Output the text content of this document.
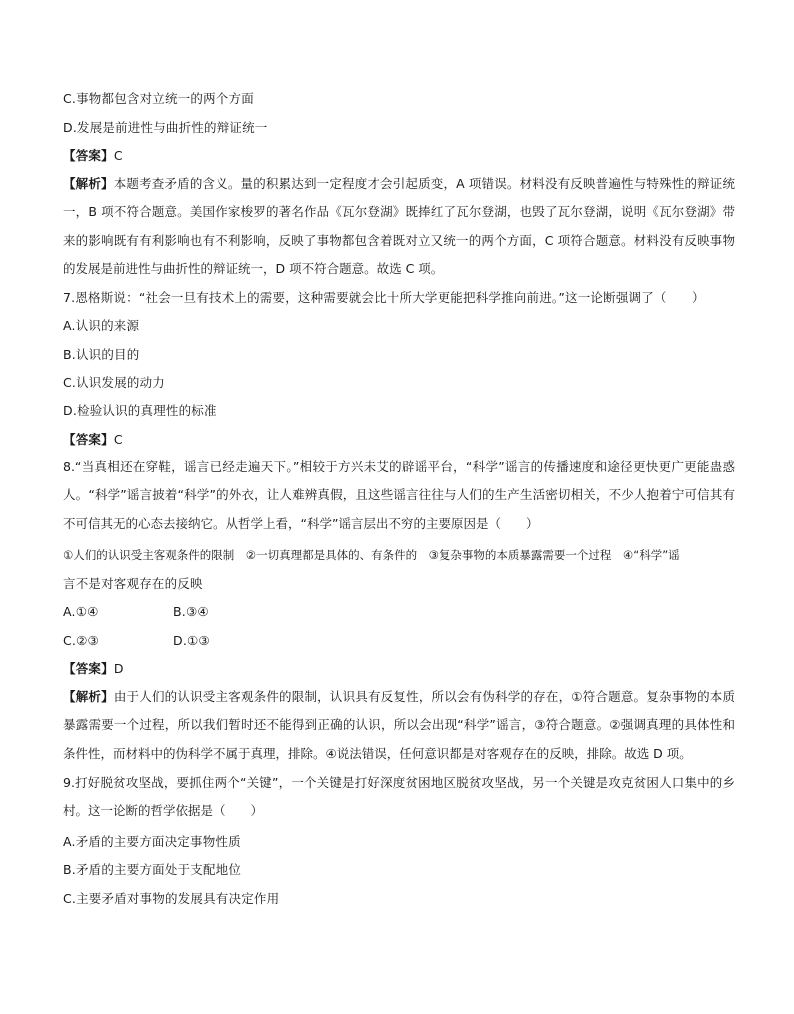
C.事物都包含对立统一的两个方面
D.发展是前进性与曲折性的辩证统一
【答案】C
【解析】本题考查矛盾的含义。量的积累达到一定程度才会引起质变，A 项错误。材料没有反映普遍性与特殊性的辩证统一，B 项不符合题意。美国作家梭罗的著名作品《瓦尔登湖》既捧红了瓦尔登湖，也毁了瓦尔登湖，说明《瓦尔登湖》带来的影响既有有利影响也有不利影响，反映了事物都包含着既对立又统一的两个方面，C 项符合题意。材料没有反映事物的发展是前进性与曲折性的辩证统一，D 项不符合题意。故选 C 项。
7.恩格斯说：“社会一旦有技术上的需要，这种需要就会比十所大学更能把科学推向前进。”这一论断强调了（　　）
A.认识的来源
B.认识的目的
C.认识发展的动力
D.检验认识的真理性的标准
【答案】C
8.“当真相还在穿鞋，谣言已经走遍天下。”相较于方兴未艾的辟谣平台，“科学”谣言的传播速度和途径更快更广更能蛊惑人。“科学”谣言披着“科学”的外衣，让人难辨真假，且这些谣言往往与人们的生产生活密切相关，不少人抱着宁可信其有不可信其无的心态去接纳它。从哲学上看，“科学”谣言层出不穷的主要原因是（　　）
①人们的认识受主客观条件的限制　②一切真理都是具体的、有条件的　③复杂事物的本质暴露需要一个过程　④“科学”谣
言不是对客观存在的反映
A.①④	B.③④
C.②③	D.①③
【答案】D
【解析】由于人们的认识受主客观条件的限制，认识具有反复性，所以会有伪科学的存在，①符合题意。复杂事物的本质暴露需要一个过程，所以我们暂时还不能得到正确的认识，所以会出现“科学”谣言，③符合题意。②强调真理的具体性和条件性，而材料中的伪科学不属于真理，排除。④说法错误，任何意识都是对客观存在的反映，排除。故选 D 项。
9.打好脱贫攻坚战，要抓住两个“关键”，一个关键是打好深度贫困地区脱贫攻坚战，另一个关键是攻克贫困人口集中的乡村。这一论断的哲学依据是（　　）
A.矛盾的主要方面决定事物性质
B.矛盾的主要方面处于支配地位
C.主要矛盾对事物的发展具有决定作用
